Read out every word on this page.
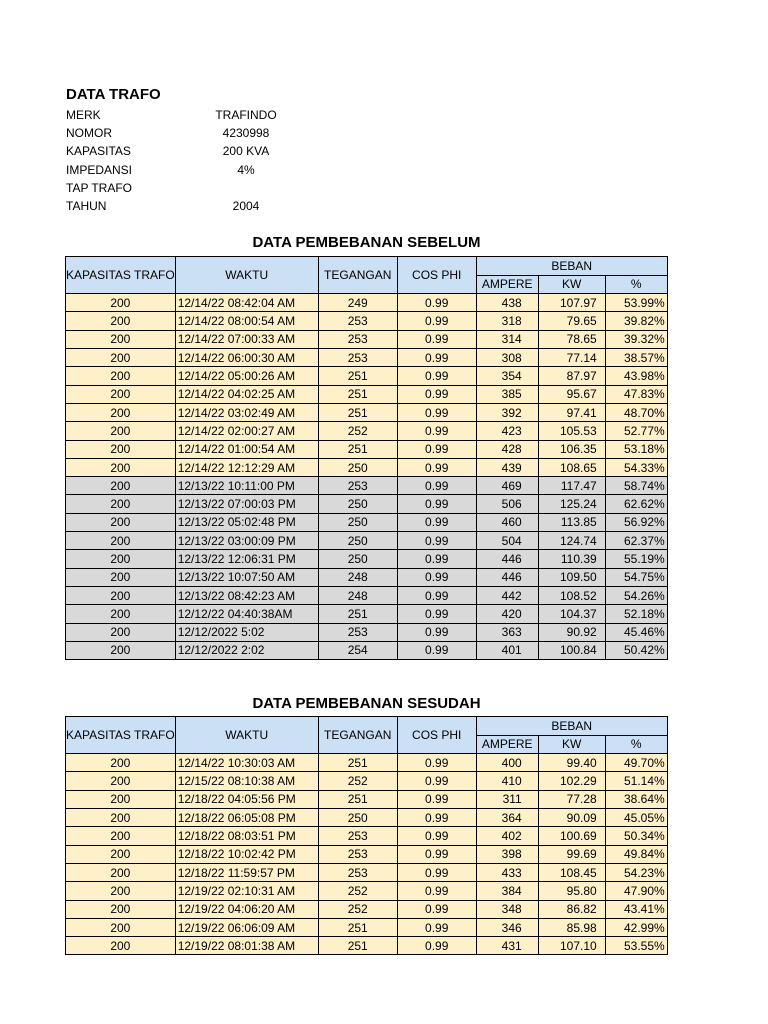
DATA TRAFO
MERK	TRAFINDO
NOMOR	4230998
KAPASITAS	200 KVA
IMPEDANSI	4%
TAP TRAFO
TAHUN	2004
DATA PEMBEBANAN SEBELUM
KAPASITAS TRAFO	WAKTU	TEGANGAN	COS PHI	BEBAN		
				AMPERE	KW	%
200	12/14/22 08:42:04 AM	249	0.99	438	107.97	53.99%
200	12/14/22 08:00:54 AM	253	0.99	318	79.65	39.82%
200	12/14/22 07:00:33 AM	253	0.99	314	78.65	39.32%
200	12/14/22 06:00:30 AM	253	0.99	308	77.14	38.57%
200	12/14/22 05:00:26 AM	251	0.99	354	87.97	43.98%
200	12/14/22 04:02:25 AM	251	0.99	385	95.67	47.83%
200	12/14/22 03:02:49 AM	251	0.99	392	97.41	48.70%
200	12/14/22 02:00:27 AM	252	0.99	423	105.53	52.77%
200	12/14/22 01:00:54 AM	251	0.99	428	106.35	53.18%
200	12/14/22 12:12:29 AM	250	0.99	439	108.65	54.33%
200	12/13/22 10:11:00 PM	253	0.99	469	117.47	58.74%
200	12/13/22 07:00:03 PM	250	0.99	506	125.24	62.62%
200	12/13/22 05:02:48 PM	250	0.99	460	113.85	56.92%
200	12/13/22 03:00:09 PM	250	0.99	504	124.74	62.37%
200	12/13/22 12:06:31 PM	250	0.99	446	110.39	55.19%
200	12/13/22 10:07:50 AM	248	0.99	446	109.50	54.75%
200	12/13/22 08:42:23 AM	248	0.99	442	108.52	54.26%
200	12/12/22 04:40:38AM	251	0.99	420	104.37	52.18%
200	12/12/2022 5:02	253	0.99	363	90.92	45.46%
200	12/12/2022 2:02	254	0.99	401	100.84	50.42%
DATA PEMBEBANAN SESUDAH
KAPASITAS TRAFO	WAKTU	TEGANGAN	COS PHI	BEBAN		
				AMPERE	KW	%
200	12/14/22 10:30:03 AM	251	0.99	400	99.40	49.70%
200	12/15/22 08:10:38 AM	252	0.99	410	102.29	51.14%
200	12/18/22 04:05:56 PM	251	0.99	311	77.28	38.64%
200	12/18/22 06:05:08 PM	250	0.99	364	90.09	45.05%
200	12/18/22 08:03:51 PM	253	0.99	402	100.69	50.34%
200	12/18/22 10:02:42 PM	253	0.99	398	99.69	49.84%
200	12/18/22 11:59:57 PM	253	0.99	433	108.45	54.23%
200	12/19/22 02:10:31 AM	252	0.99	384	95.80	47.90%
200	12/19/22 04:06:20 AM	252	0.99	348	86.82	43.41%
200	12/19/22 06:06:09 AM	251	0.99	346	85.98	42.99%
200	12/19/22 08:01:38 AM	251	0.99	431	107.10	53.55%
